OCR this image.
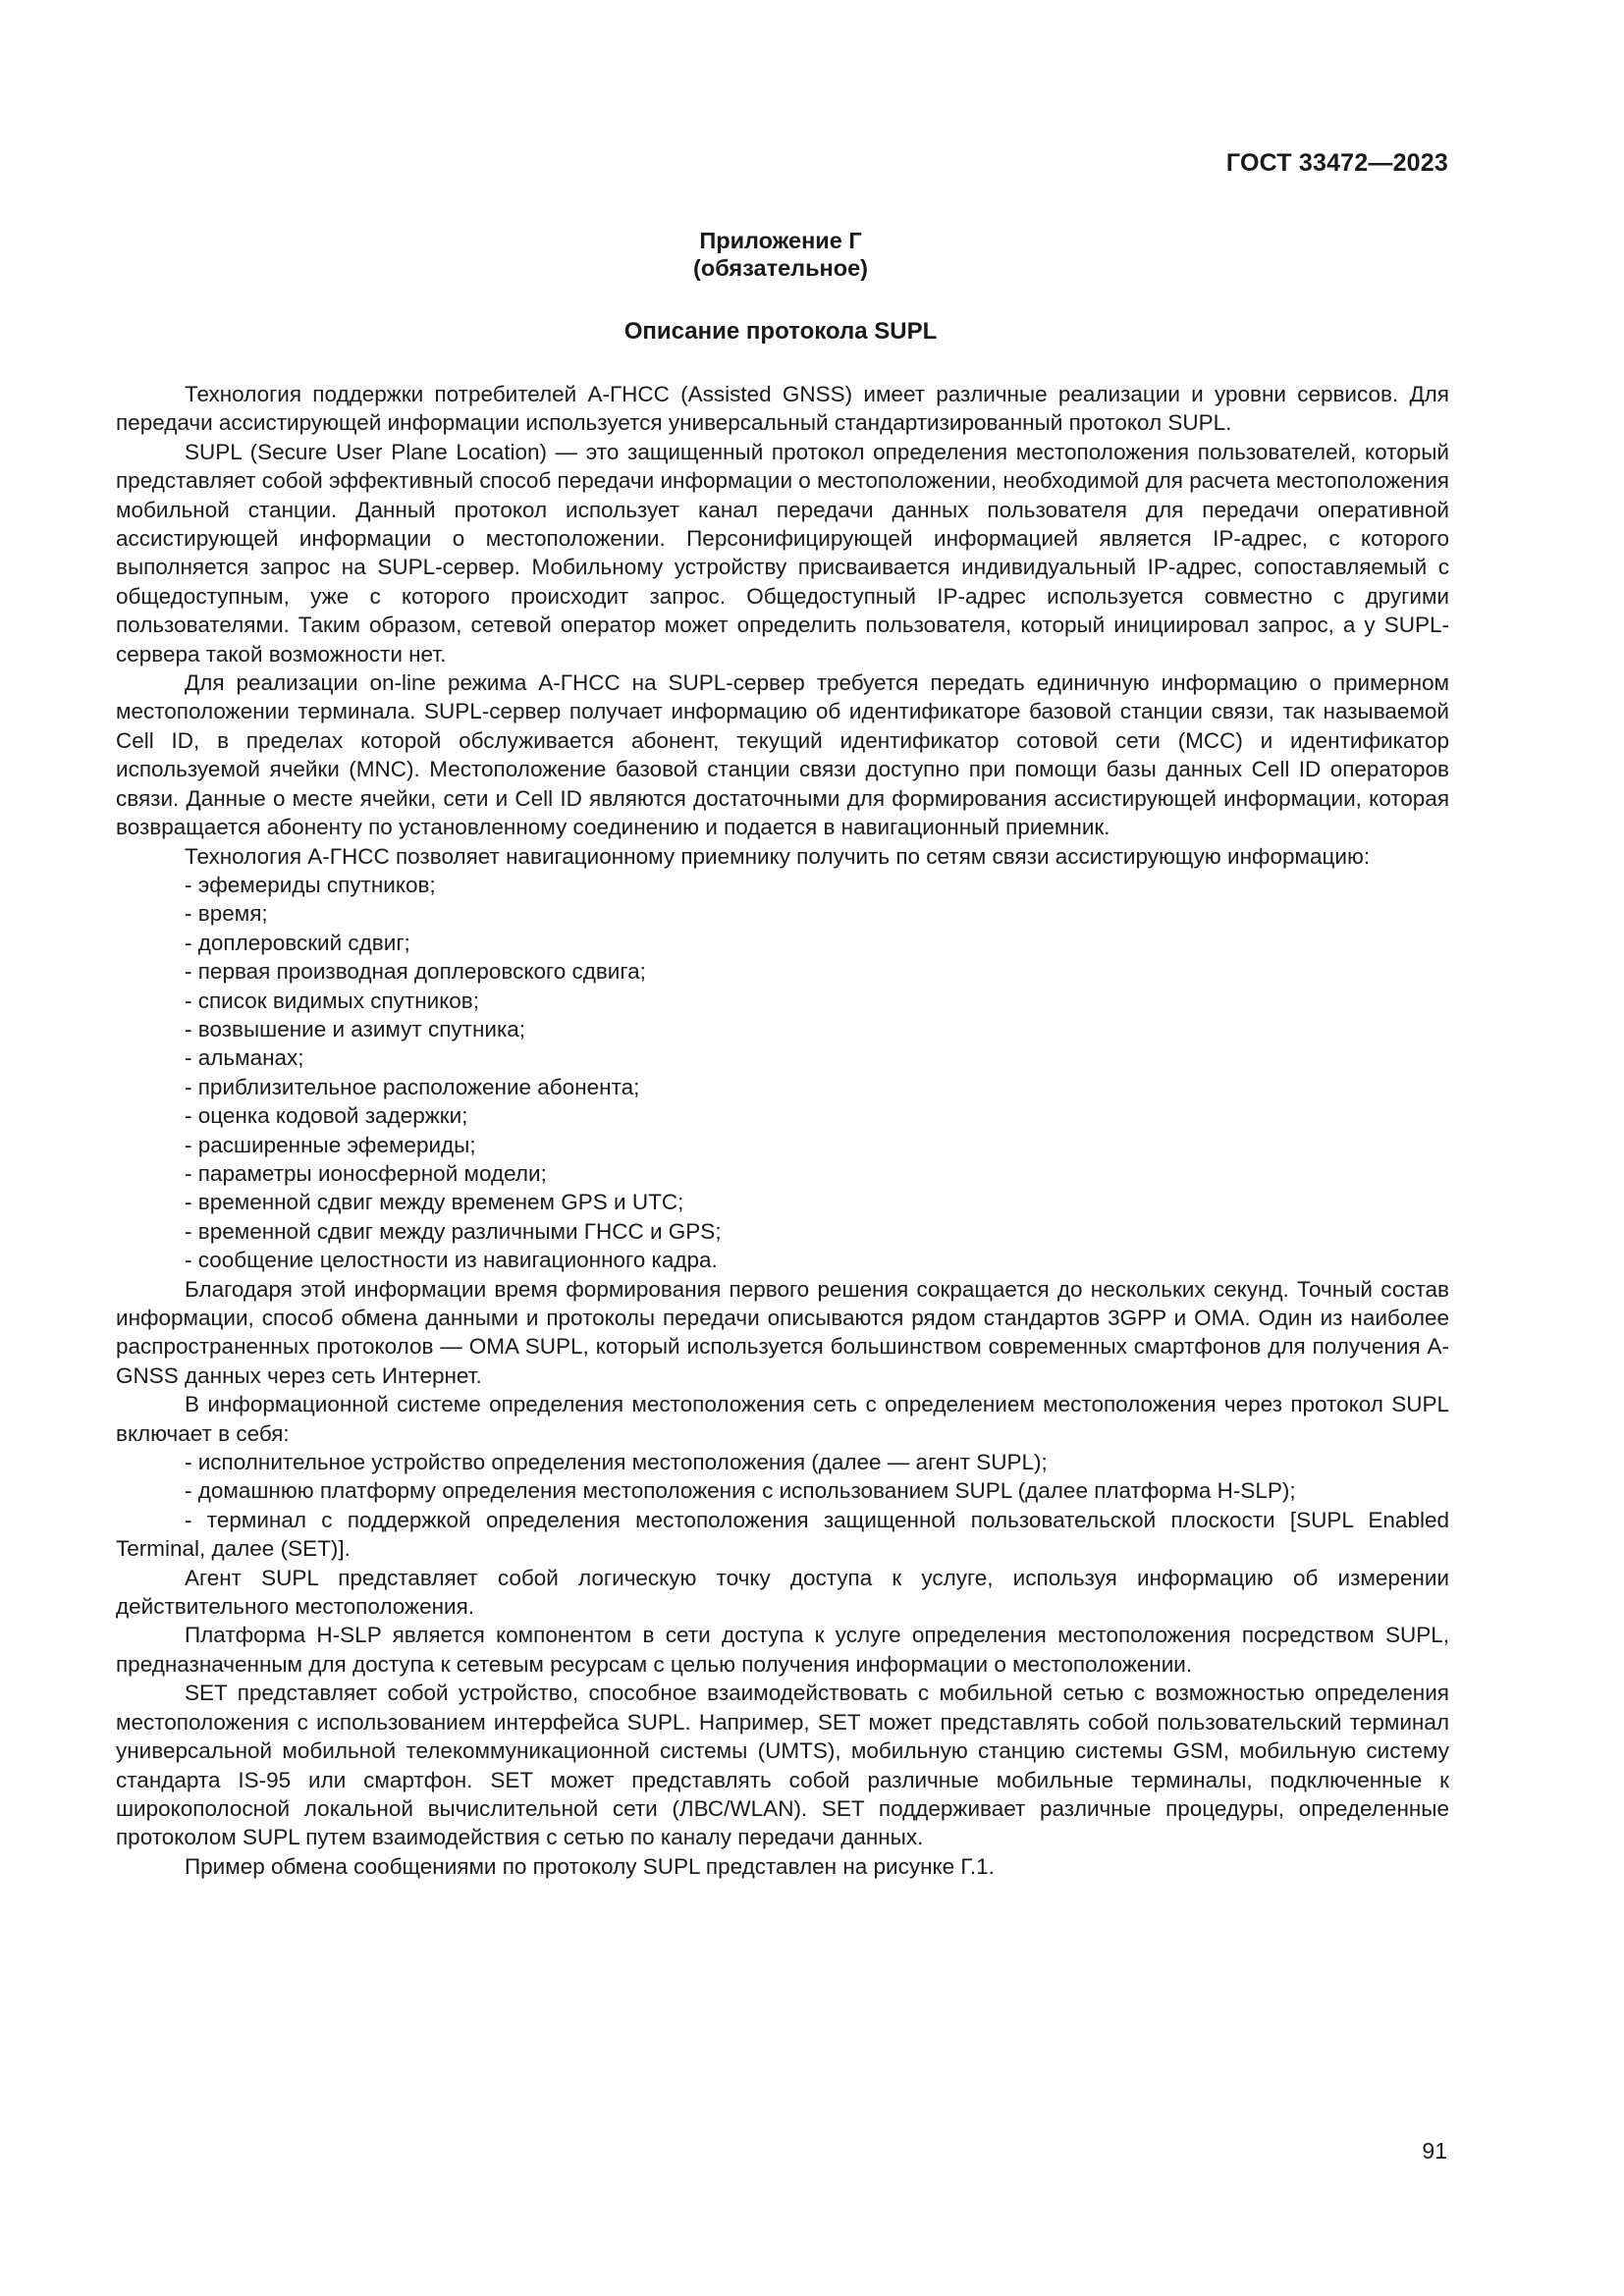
ГОСТ 33472—2023
Приложение Г
(обязательное)
Описание протокола SUPL

Технология поддержки потребителей А-ГНСС (Assisted GNSS) имеет различные реализации и уровни сервисов. Для передачи ассистирующей информации используется универсальный стандартизированный протокол SUPL.

SUPL (Secure User Plane Location) — это защищенный протокол определения местоположения пользователей, который представляет собой эффективный способ передачи информации о местоположении, необходимой для расчета местоположения мобильной станции. Данный протокол использует канал передачи данных пользователя для передачи оперативной ассистирующей информации о местоположении. Персонифицирующей информацией является IP-адрес, с которого выполняется запрос на SUPL-сервер. Мобильному устройству присваивается индивидуальный IP-адрес, сопоставляемый с общедоступным, уже с которого происходит запрос. Общедоступный IP-адрес используется совместно с другими пользователями. Таким образом, сетевой оператор может определить пользователя, который инициировал запрос, а у SUPL-сервера такой возможности нет.

Для реализации on-line режима А-ГНСС на SUPL-сервер требуется передать единичную информацию о примерном местоположении терминала. SUPL-сервер получает информацию об идентификаторе базовой станции связи, так называемой Cell ID, в пределах которой обслуживается абонент, текущий идентификатор сотовой сети (MCC) и идентификатор используемой ячейки (MNC). Местоположение базовой станции связи доступно при помощи базы данных Cell ID операторов связи. Данные о месте ячейки, сети и Cell ID являются достаточными для формирования ассистирующей информации, которая возвращается абоненту по установленному соединению и подается в навигационный приемник.

Технология А-ГНСС позволяет навигационному приемнику получить по сетям связи ассистирующую информацию:

- эфемериды спутников;
- время;
- доплеровский сдвиг;
- первая производная доплеровского сдвига;
- список видимых спутников;
- возвышение и азимут спутника;
- альманах;
- приблизительное расположение абонента;
- оценка кодовой задержки;
- расширенные эфемериды;
- параметры ионосферной модели;
- временной сдвиг между временем GPS и UTC;
- временной сдвиг между различными ГНСС и GPS;
- сообщение целостности из навигационного кадра.

Благодаря этой информации время формирования первого решения сокращается до нескольких секунд. Точный состав информации, способ обмена данными и протоколы передачи описываются рядом стандартов 3GPP и OMA. Один из наиболее распространенных протоколов — OMA SUPL, который используется большинством современных смартфонов для получения A-GNSS данных через сеть Интернет.

В информационной системе определения местоположения сеть с определением местоположения через протокол SUPL включает в себя:

- исполнительное устройство определения местоположения (далее — агент SUPL);

- домашнюю платформу определения местоположения с использованием SUPL (далее платформа H-SLP);

- терминал с поддержкой определения местоположения защищенной пользовательской плоскости [SUPL Enabled Terminal, далее (SET)].

Агент SUPL представляет собой логическую точку доступа к услуге, используя информацию об измерении действительного местоположения.

Платформа H-SLP является компонентом в сети доступа к услуге определения местоположения посредством SUPL, предназначенным для доступа к сетевым ресурсам с целью получения информации о местоположении.

SET представляет собой устройство, способное взаимодействовать с мобильной сетью с возможностью определения местоположения с использованием интерфейса SUPL. Например, SET может представлять собой пользовательский терминал универсальной мобильной телекоммуникационной системы (UMTS), мобильную станцию системы GSM, мобильную систему стандарта IS-95 или смартфон. SET может представлять собой различные мобильные терминалы, подключенные к широкополосной локальной вычислительной сети (ЛВС/WLAN). SET поддерживает различные процедуры, определенные протоколом SUPL путем взаимодействия с сетью по каналу передачи данных.

Пример обмена сообщениями по протоколу SUPL представлен на рисунке Г.1.

91
